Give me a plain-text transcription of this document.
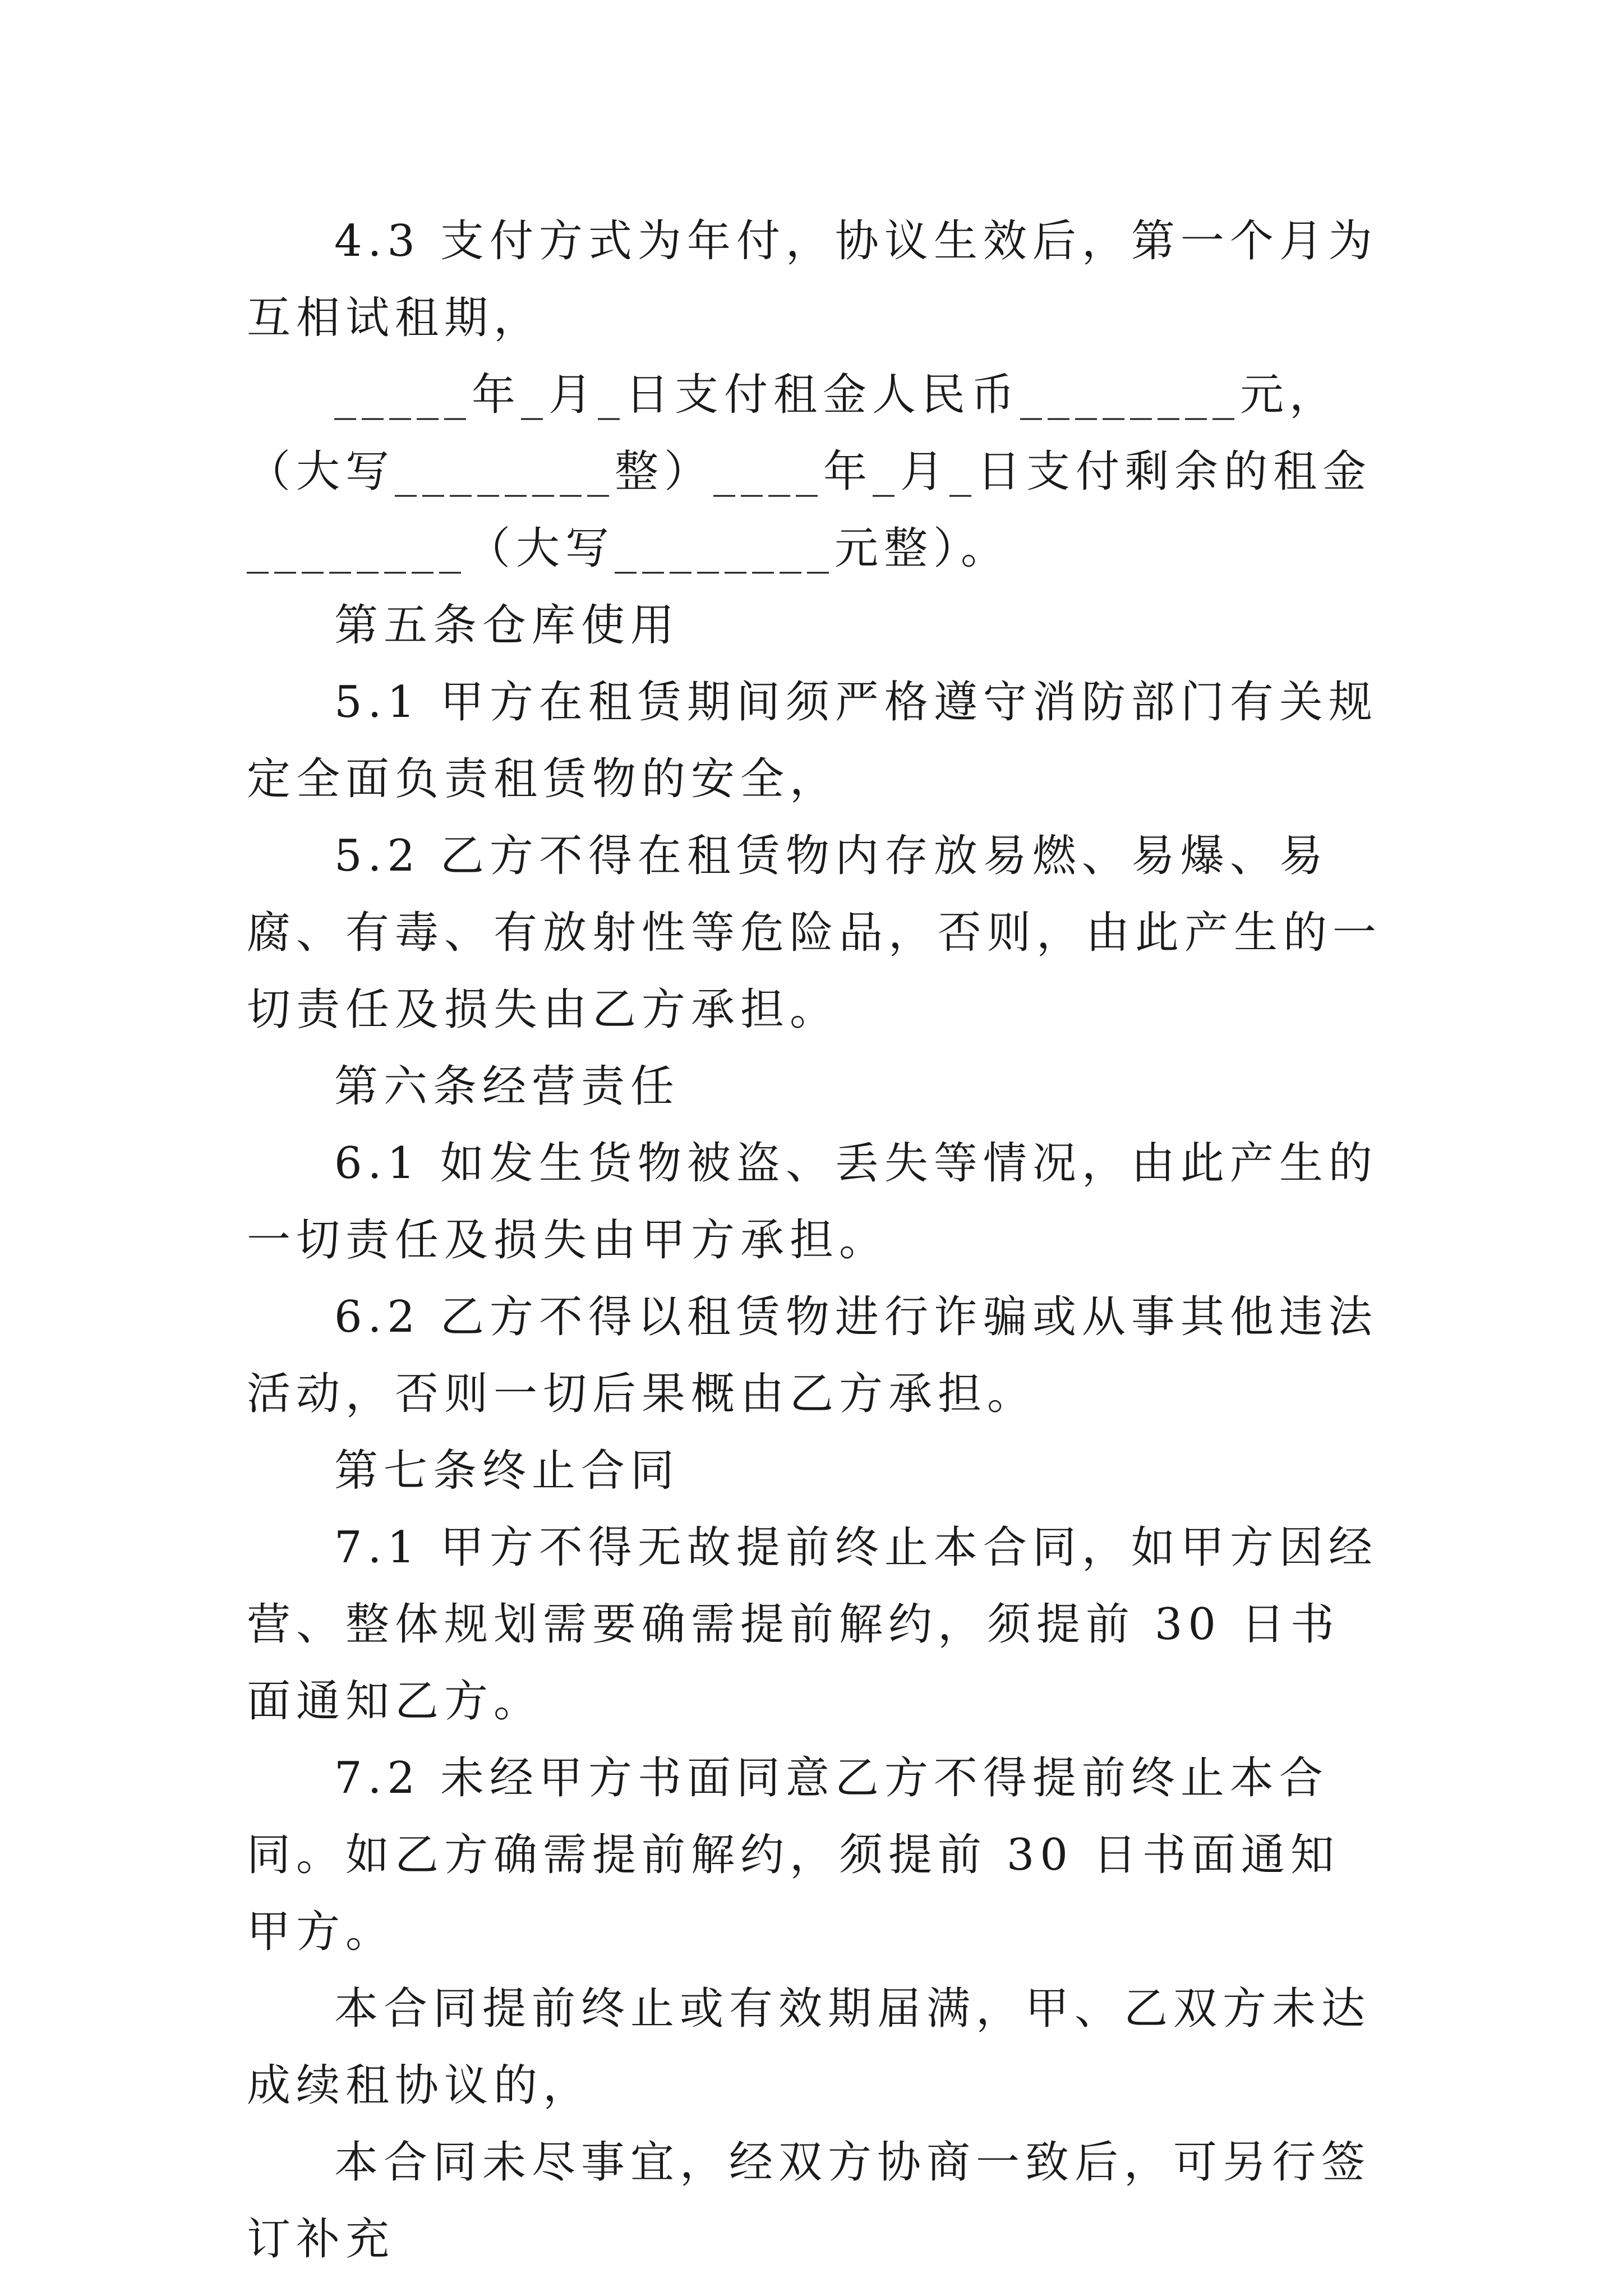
4.3 支付方式为年付，协议生效后，第一个月为互相试租期，

_____年_月_日支付租金人民币________元，（大写________整）____年_月_日支付剩余的租金________（大写________元整）。

第五条仓库使用

5.1 甲方在租赁期间须严格遵守消防部门有关规定全面负责租赁物的安全，

5.2 乙方不得在租赁物内存放易燃、易爆、易腐、有毒、有放射性等危险品，否则，由此产生的一切责任及损失由乙方承担。

第六条经营责任

6.1 如发生货物被盗、丢失等情况，由此产生的一切责任及损失由甲方承担。

6.2 乙方不得以租赁物进行诈骗或从事其他违法活动，否则一切后果概由乙方承担。

第七条终止合同

7.1 甲方不得无故提前终止本合同，如甲方因经营、整体规划需要确需提前解约，须提前 30 日书面通知乙方。

7.2 未经甲方书面同意乙方不得提前终止本合同。如乙方确需提前解约，须提前 30 日书面通知甲方。

本合同提前终止或有效期届满，甲、乙双方未达成续租协议的，

本合同未尽事宜，经双方协商一致后，可另行签订补充
